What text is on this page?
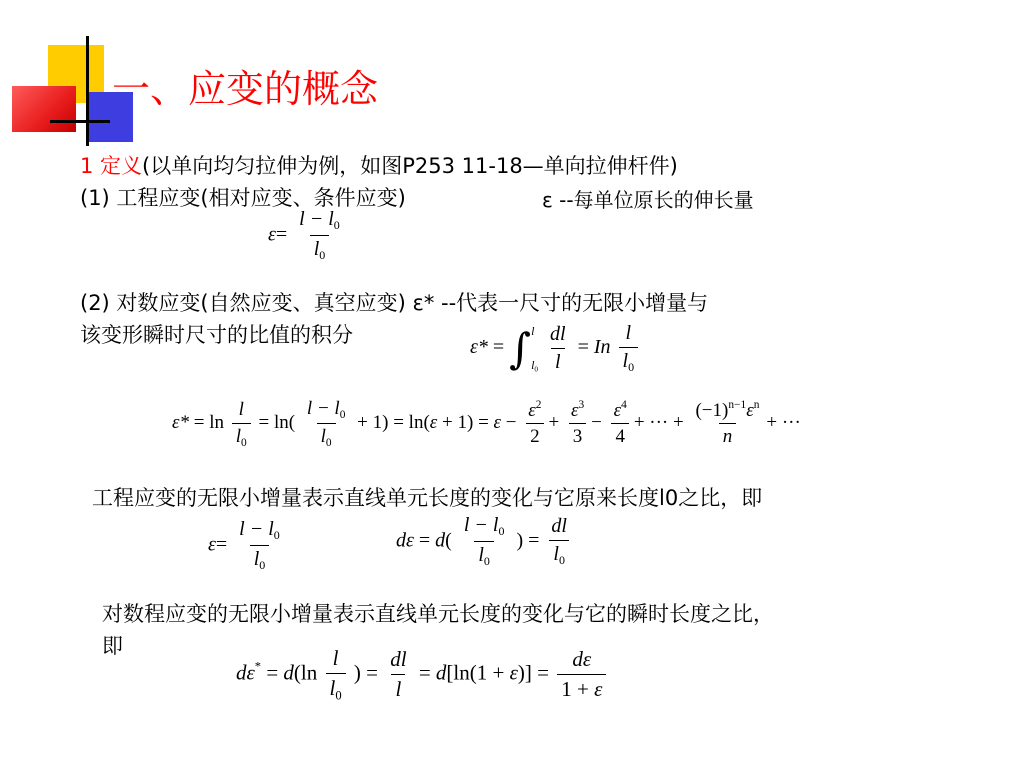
一、应变的概念
1 定义(以单向均匀拉伸为例，如图P253 11-18—单向拉伸杆件)
(1) 工程应变(相对应变、条件应变)	ε --每单位原长的伸长量
$\varepsilon= \frac{l - l_0}{l_0}$
(2) 对数应变(自然应变、真空应变) ε* --代表一尺寸的无限小增量与
该变形瞬时尺寸的比值的积分
ε* = ∫ l
$l_0$
$\frac{dl}{l} = In \frac{l}{l_0}$
$\varepsilon* = \ln \frac{l}{l_0} = \ln( \frac{l - l_0}{l_0} + 1) = \ln(\varepsilon + 1) = \varepsilon - \frac{\varepsilon^2}{2} + \frac{\varepsilon^3}{3} - \frac{\varepsilon^4}{4}$ + ··· + $\frac{(-1)^{n-1}\varepsilon^n}{n}$ + ···
工程应变的无限小增量表示直线单元长度的变化与它原来长度l0之比，即
$\varepsilon= \frac{l - l_0}{l_0}$	$d\varepsilon = d( \frac{l - l_0}{l_0}$ ) = $\frac{dl}{l_0}$
对数程应变的无限小增量表示直线单元长度的变化与它的瞬时长度之比，
即
$d\varepsilon^* = d(\ln \frac{l}{l_0}$ ) = $\frac{dl}{l} = d[\ln(1 + \varepsilon)] = \frac{d\varepsilon}{1 + \varepsilon}$
